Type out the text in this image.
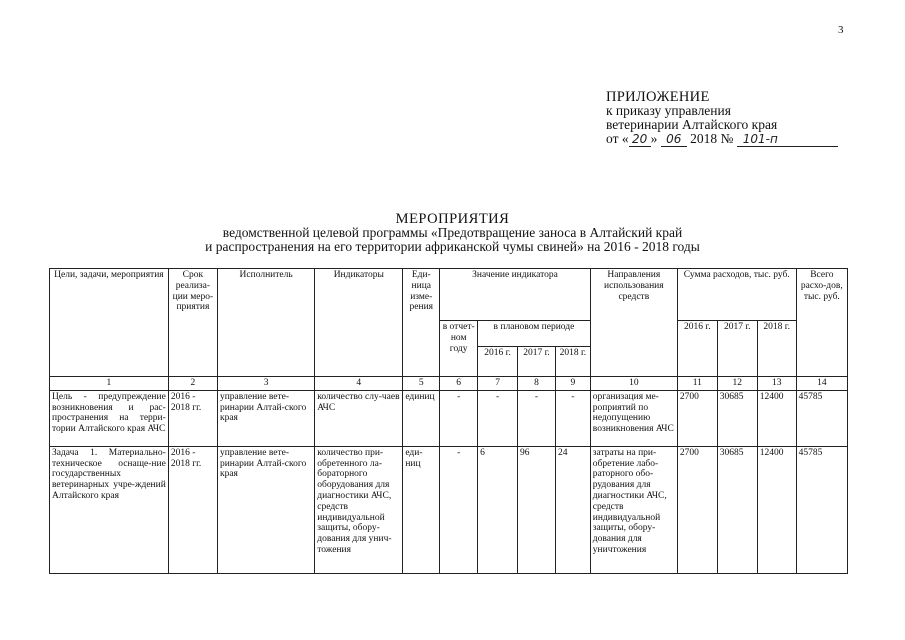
3
ПРИЛОЖЕНИЕ
к приказу управления
ветеринарии Алтайского края
от « 20 » 06 2018 № 101-п
МЕРОПРИЯТИЯ
ведомственной целевой программы «Предотвращение заноса в Алтайский край
и распространения на его территории африканской чумы свиней» на 2016 - 2018 годы
Цели, задачи, мероприятия	Срок реализа-ции меро-приятия	Исполнитель	Индикаторы	Еди-ница изме-рения	Значение индикатора				Направления использования средств	Сумма расходов, тыс. руб.			Всего расхо-дов, тыс. руб.
					в отчет-ном году	в плановом периоде				2016 г.	2017 г.	2018 г.	
						2016 г.	2017 г.	2018 г.					
1	2	3	4	5	6	7	8	9	10	11	12	13	14
Цель - предупреждение возникновения и рас-пространения на терри-тории Алтайского края АЧС	2016 - 2018 гг.	управление вете-ринарии Алтай-ского края	количество слу-чаев АЧС	единиц	-	-	-	-	организация ме-роприятий по недопущению возникновения АЧС	2700	30685	12400	45785
Задача 1. Материально-техническое оснаще-ние государственных ветеринарных учре-ждений Алтайского края	2016 - 2018 гг.	управление вете-ринарии Алтай-ского края	количество при-обретенного ла-бораторного оборудования для диагностики АЧС, средств индивидуальной защиты, обору-дования для унич-тожения	еди-ниц	-	6	96	24	затраты на при-обретение лабо-раторного обо-рудования для диагностики АЧС, средств индивидуальной защиты, обору-дования для уничтожения	2700	30685	12400	45785
